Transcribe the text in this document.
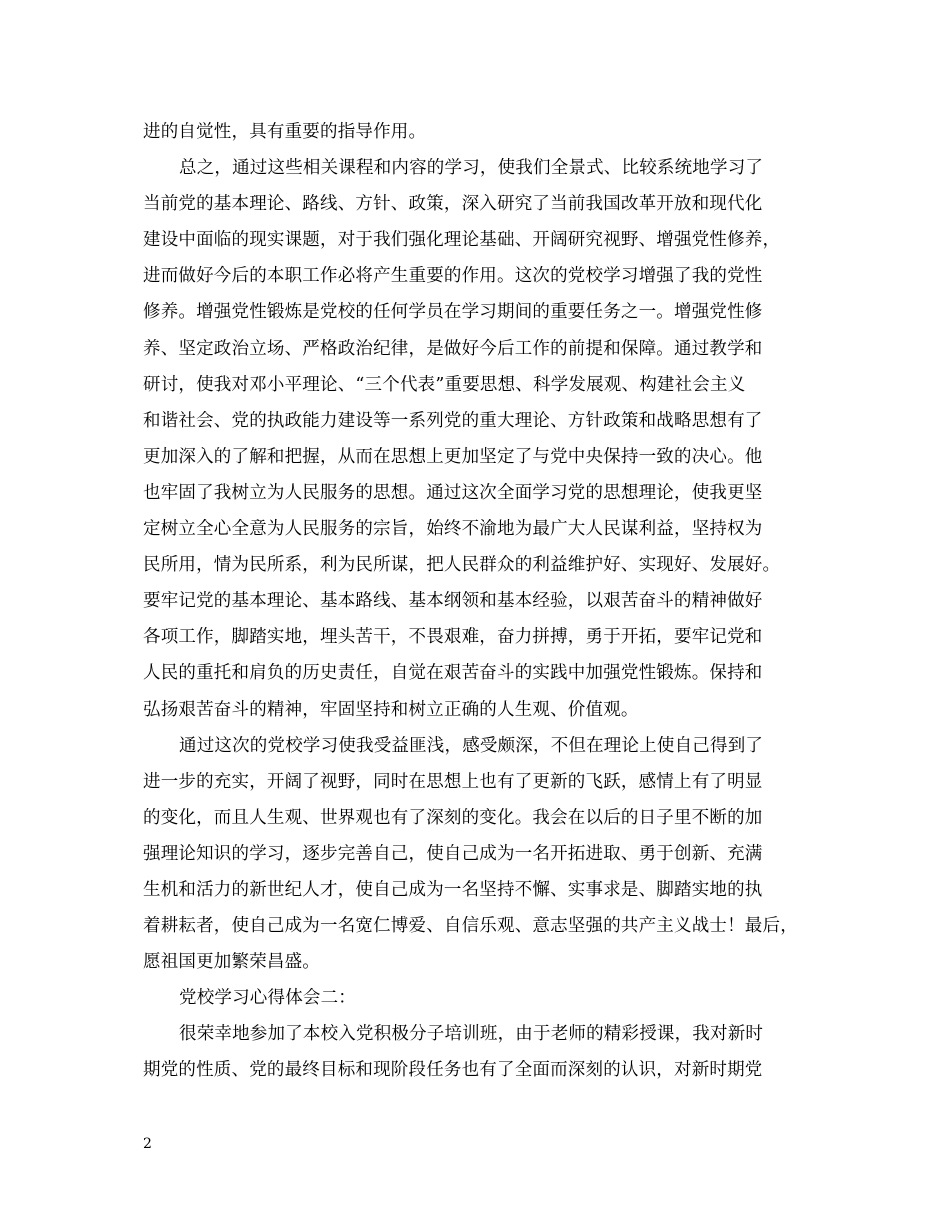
进的自觉性，具有重要的指导作用。
总之，通过这些相关课程和内容的学习，使我们全景式、比较系统地学习了
当前党的基本理论、路线、方针、政策，深入研究了当前我国改革开放和现代化
建设中面临的现实课题，对于我们强化理论基础、开阔研究视野、增强党性修养，
进而做好今后的本职工作必将产生重要的作用。这次的党校学习增强了我的党性
修养。增强党性锻炼是党校的任何学员在学习期间的重要任务之一。增强党性修
养、坚定政治立场、严格政治纪律，是做好今后工作的前提和保障。通过教学和
研讨，使我对邓小平理论、“三个代表”重要思想、科学发展观、构建社会主义
和谐社会、党的执政能力建设等一系列党的重大理论、方针政策和战略思想有了
更加深入的了解和把握，从而在思想上更加坚定了与党中央保持一致的决心。他
也牢固了我树立为人民服务的思想。通过这次全面学习党的思想理论，使我更坚
定树立全心全意为人民服务的宗旨，始终不渝地为最广大人民谋利益，坚持权为
民所用，情为民所系，利为民所谋，把人民群众的利益维护好、实现好、发展好。
要牢记党的基本理论、基本路线、基本纲领和基本经验，以艰苦奋斗的精神做好
各项工作，脚踏实地，埋头苦干，不畏艰难，奋力拼搏，勇于开拓，要牢记党和
人民的重托和肩负的历史责任，自觉在艰苦奋斗的实践中加强党性锻炼。保持和
弘扬艰苦奋斗的精神，牢固坚持和树立正确的人生观、价值观。
通过这次的党校学习使我受益匪浅，感受颇深，不但在理论上使自己得到了
进一步的充实，开阔了视野，同时在思想上也有了更新的飞跃，感情上有了明显
的变化，而且人生观、世界观也有了深刻的变化。我会在以后的日子里不断的加
强理论知识的学习，逐步完善自己，使自己成为一名开拓进取、勇于创新、充满
生机和活力的新世纪人才，使自己成为一名坚持不懈、实事求是、脚踏实地的执
着耕耘者，使自己成为一名宽仁博爱、自信乐观、意志坚强的共产主义战士！最后，
愿祖国更加繁荣昌盛。
党校学习心得体会二：
很荣幸地参加了本校入党积极分子培训班，由于老师的精彩授课，我对新时
期党的性质、党的最终目标和现阶段任务也有了全面而深刻的认识，对新时期党
2
